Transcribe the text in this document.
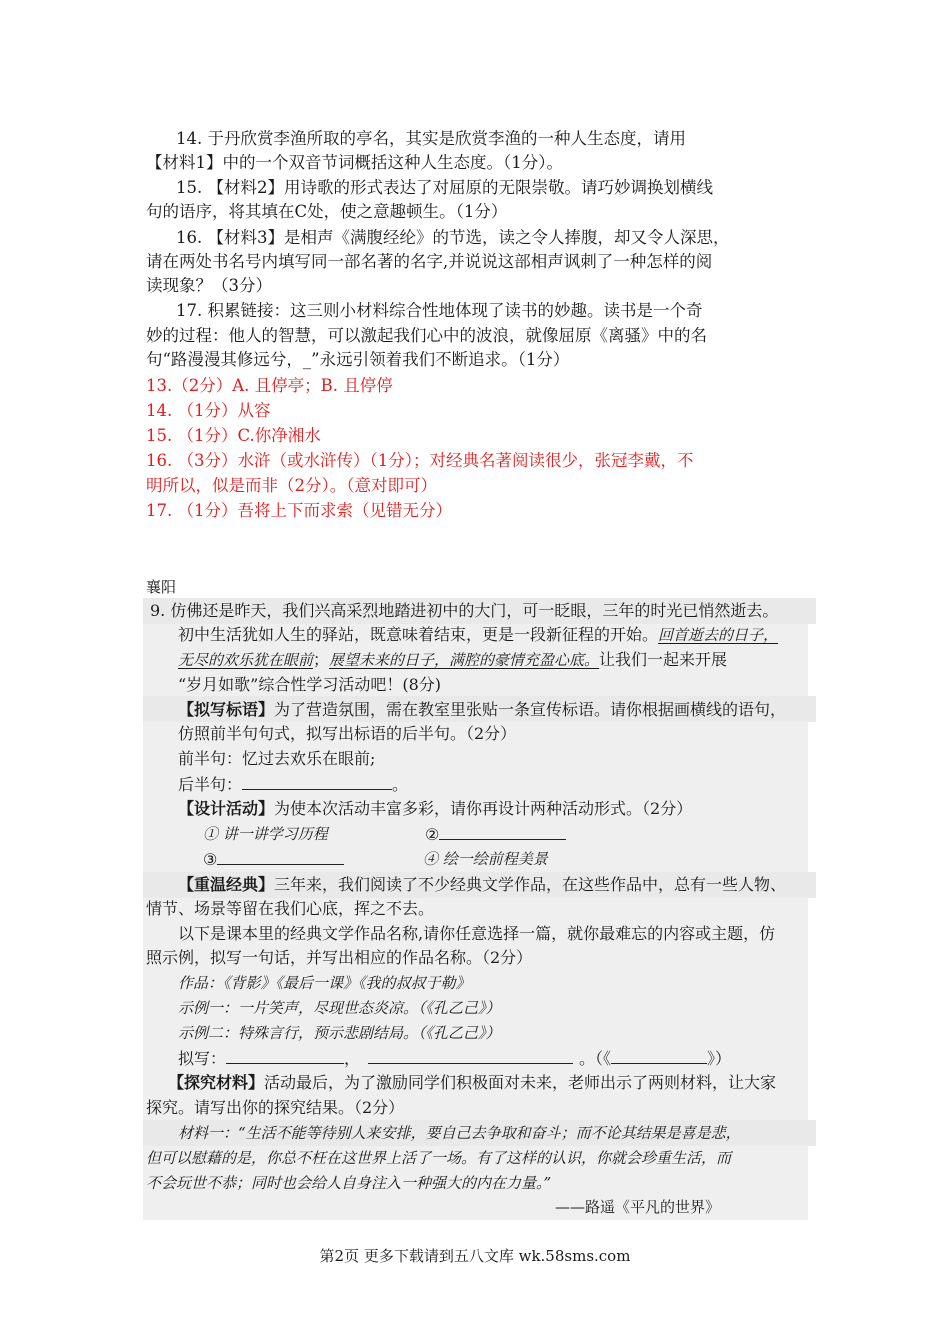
14. 于丹欣赏李渔所取的亭名，其实是欣赏李渔的一种人生态度，请用
【材料1】中的一个双音节词概括这种人生态度。（1分）。
15. 【材料2】用诗歌的形式表达了对屈原的无限崇敬。请巧妙调换划横线
句的语序，将其填在C处，使之意趣顿生。（1分）
16. 【材料3】是相声《满腹经纶》的节选，读之令人捧腹，却又令人深思，
请在两处书名号内填写同一部名著的名字,并说说这部相声讽刺了一种怎样的阅
读现象？（3分）
17. 积累链接：这三则小材料综合性地体现了读书的妙趣。读书是一个奇
妙的过程：他人的智慧，可以激起我们心中的波浪，就像屈原《离骚》中的名
句“路漫漫其修远兮，_”永远引领着我们不断追求。（1分）
13.（2分）A. 且停亭；B. 且停停
14. （1分）从容
15. （1分）C.你净湘水
16. （3分）水浒（或水浒传）（1分）；对经典名著阅读很少，张冠李戴，不
明所以，似是而非（2分）。（意对即可）
17. （1分）吾将上下而求索（见错无分）
襄阳
9. 仿佛还是昨天，我们兴高采烈地踏进初中的大门，可一眨眼，三年的时光已悄然逝去。
初中生活犹如人生的驿站，既意味着结束，更是一段新征程的开始。回首逝去的日子，
无尽的欢乐犹在眼前；展望未来的日子，满腔的豪情充盈心底。让我们一起来开展
“岁月如歌”综合性学习活动吧！(8分)
【拟写标语】为了营造氛围，需在教室里张贴一条宣传标语。请你根据画横线的语句，
仿照前半句句式，拟写出标语的后半句。（2分）
前半句：忆过去欢乐在眼前;
后半句：	。
【设计活动】为使本次活动丰富多彩，请你再设计两种活动形式。（2分）
① 讲一讲学习历程	②
③	④ 绘一绘前程美景
【重温经典】三年来，我们阅读了不少经典文学作品，在这些作品中，总有一些人物、
情节、场景等留在我们心底，挥之不去。
以下是课本里的经典文学作品名称,请你任意选择一篇，就你最难忘的内容或主题，仿
照示例，拟写一句话，并写出相应的作品名称。（2分）
作品：《背影》《最后一课》《我的叔叔于勒》
示例一：一片笑声，尽现世态炎凉。（《孔乙己》）
示例二：特殊言行，预示悲剧结局。（《孔乙己》）
拟写：	，	。（《	》）
【探究材料】活动最后，为了激励同学们积极面对未来，老师出示了两则材料，让大家
探究。请写出你的探究结果。（2分）
材料一：“生活不能等待别人来安排，要自己去争取和奋斗；而不论其结果是喜是悲，
但可以慰藉的是，你总不枉在这世界上活了一场。有了这样的认识，你就会珍重生活，而
不会玩世不恭；同时也会给人自身注入一种强大的内在力量。”
——路遥《平凡的世界》
第2页 更多下载请到五八文库 wk.58sms.com
